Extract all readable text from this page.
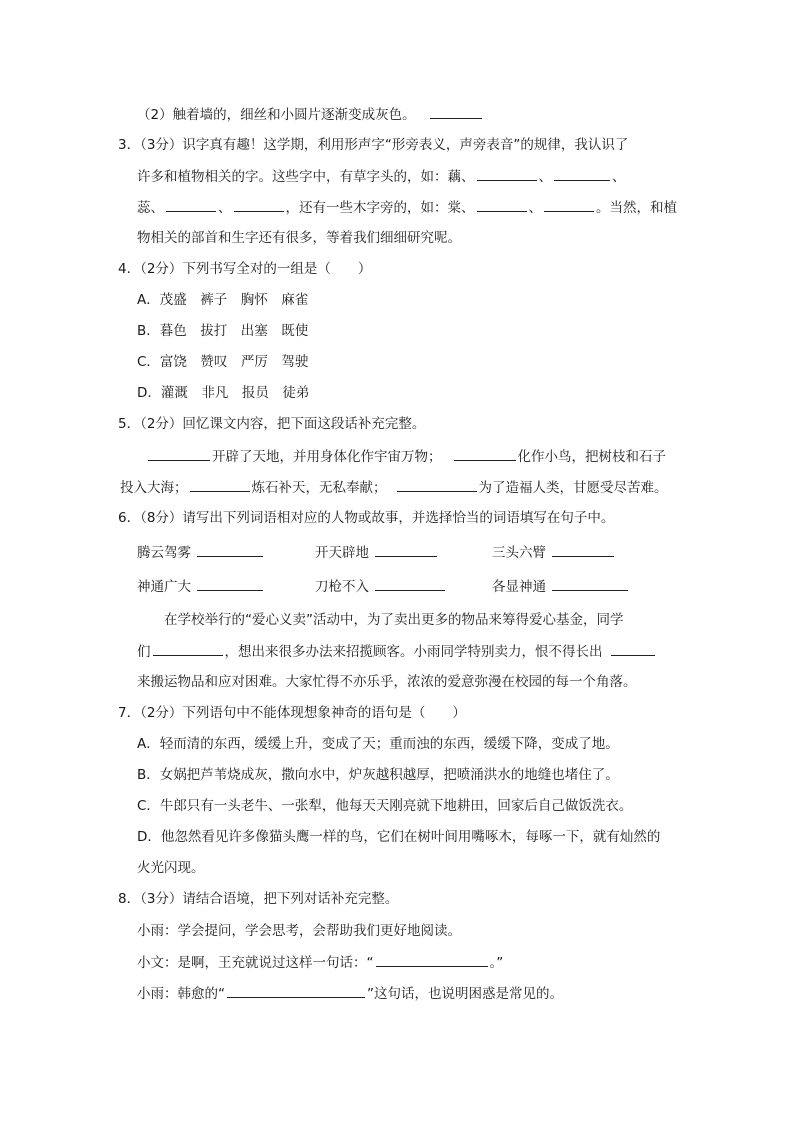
（2）触着墙的，细丝和小圆片逐渐变成灰色。
3．（3分）识字真有趣！这学期，利用形声字“形旁表义，声旁表音”的规律，我认识了
许多和植物相关的字。这些字中，有草字头的，如：藕、	、	、
蕊、	、	，还有一些木字旁的，如：棠、	、	。当然，和植
物相关的部首和生字还有很多，等着我们细细研究呢。
4．（2分）下列书写全对的一组是（　　）
A．茂盛　裤子　胸怀　麻雀
B．暮色　拔打　出塞　既使
C．富饶　赞叹　严厉　驾驶
D．灌溉　非凡　报员　徒弟
5．（2分）回忆课文内容，把下面这段话补充完整。
开辟了天地，并用身体化作宇宙万物；	化作小鸟，把树枝和石子
投入大海；	炼石补天，无私奉献；	为了造福人类，甘愿受尽苦难。
6．（8分）请写出下列词语相对应的人物或故事，并选择恰当的词语填写在句子中。
腾云驾雾	开天辟地	三头六臂
神通广大	刀枪不入	各显神通
在学校举行的“爱心义卖”活动中，为了卖出更多的物品来筹得爱心基金，同学
们	，想出来很多办法来招揽顾客。小雨同学特别卖力，恨不得长出
来搬运物品和应对困难。大家忙得不亦乐乎，浓浓的爱意弥漫在校园的每一个角落。
7．（2分）下列语句中不能体现想象神奇的语句是（　　）
A．轻而清的东西，缓缓上升，变成了天；重而浊的东西，缓缓下降，变成了地。
B．女娲把芦苇烧成灰，撒向水中，炉灰越积越厚，把喷涌洪水的地缝也堵住了。
C．牛郎只有一头老牛、一张犁，他每天天刚亮就下地耕田，回家后自己做饭洗衣。
D．他忽然看见许多像猫头鹰一样的鸟，它们在树叶间用嘴啄木，每啄一下，就有灿然的
火光闪现。
8．（3分）请结合语境，把下列对话补充完整。
小雨：学会提问，学会思考，会帮助我们更好地阅读。
小文：是啊，王充就说过这样一句话：“	。”
小雨：韩愈的“	”这句话，也说明困惑是常见的。
